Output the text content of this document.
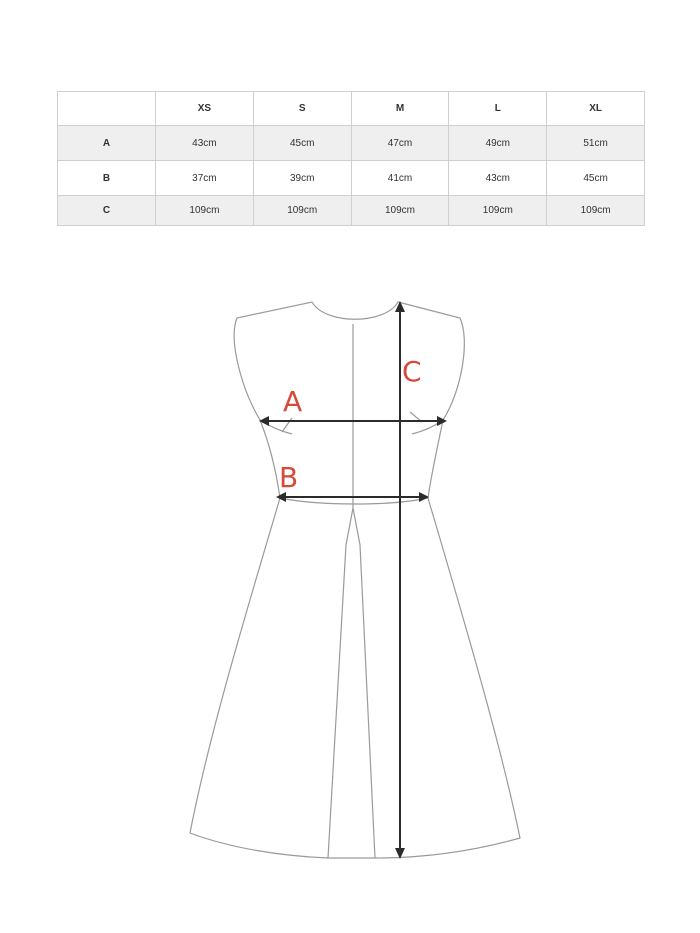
	XS	S	M	L	XL
A	43cm	45cm	47cm	49cm	51cm
B	37cm	39cm	41cm	43cm	45cm
C	109cm	109cm	109cm	109cm	109cm
A
B
C
